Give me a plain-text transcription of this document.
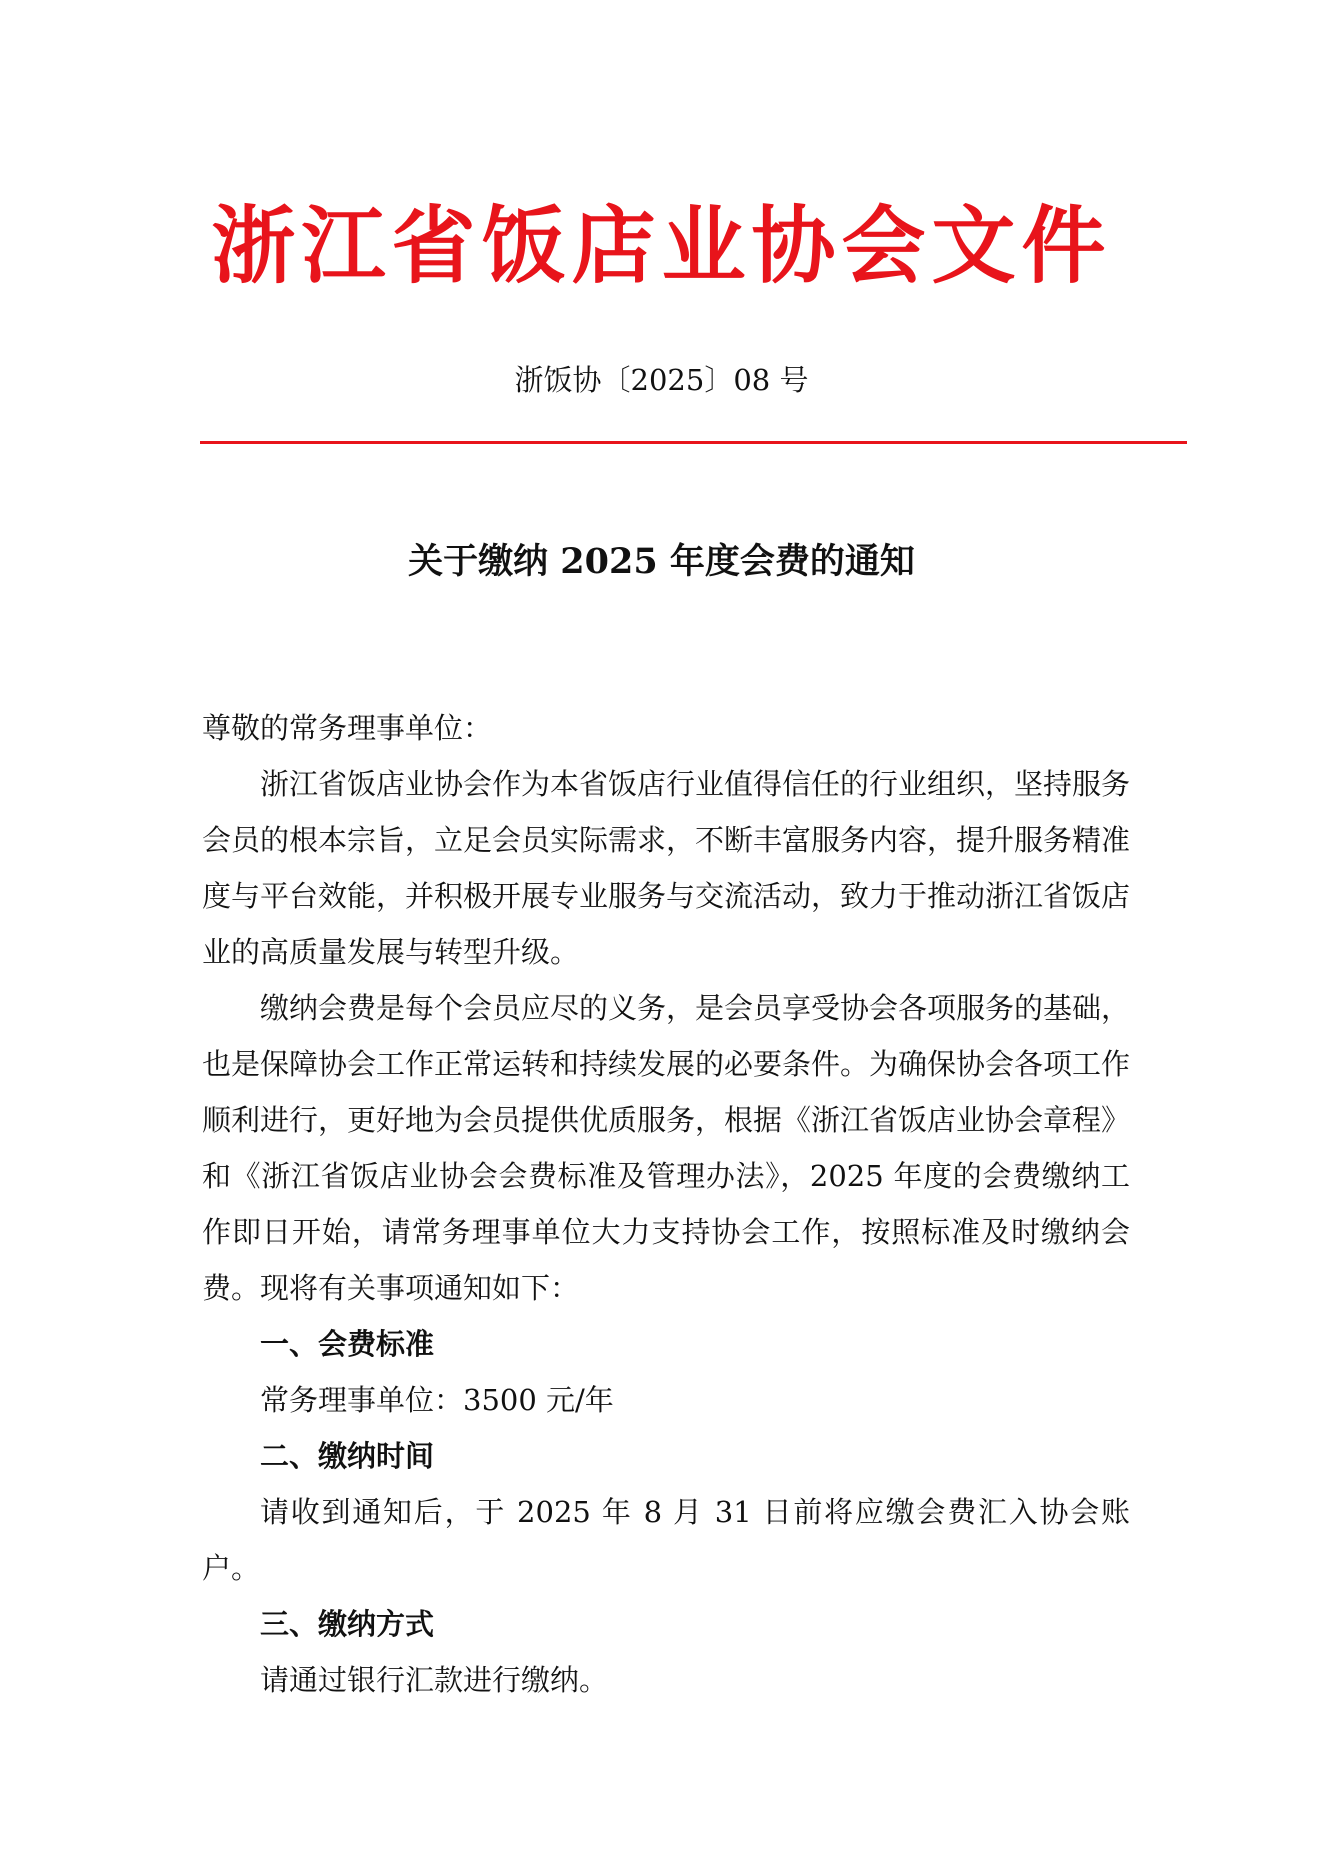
浙江省饭店业协会文件
浙饭协〔2025〕08 号
关于缴纳 2025 年度会费的通知

尊敬的常务理事单位：

浙江省饭店业协会作为本省饭店行业值得信任的行业组织，坚持服务会员的根本宗旨，立足会员实际需求，不断丰富服务内容，提升服务精准度与平台效能，并积极开展专业服务与交流活动，致力于推动浙江省饭店业的高质量发展与转型升级。

缴纳会费是每个会员应尽的义务，是会员享受协会各项服务的基础，也是保障协会工作正常运转和持续发展的必要条件。为确保协会各项工作顺利进行，更好地为会员提供优质服务，根据《浙江省饭店业协会章程》和《浙江省饭店业协会会费标准及管理办法》，2025 年度的会费缴纳工作即日开始，请常务理事单位大力支持协会工作，按照标准及时缴纳会费。现将有关事项通知如下：

一、会费标准

常务理事单位：3500 元/年

二、缴纳时间

请收到通知后，于 2025 年 8 月 31 日前将应缴会费汇入协会账户。

三、缴纳方式

请通过银行汇款进行缴纳。
